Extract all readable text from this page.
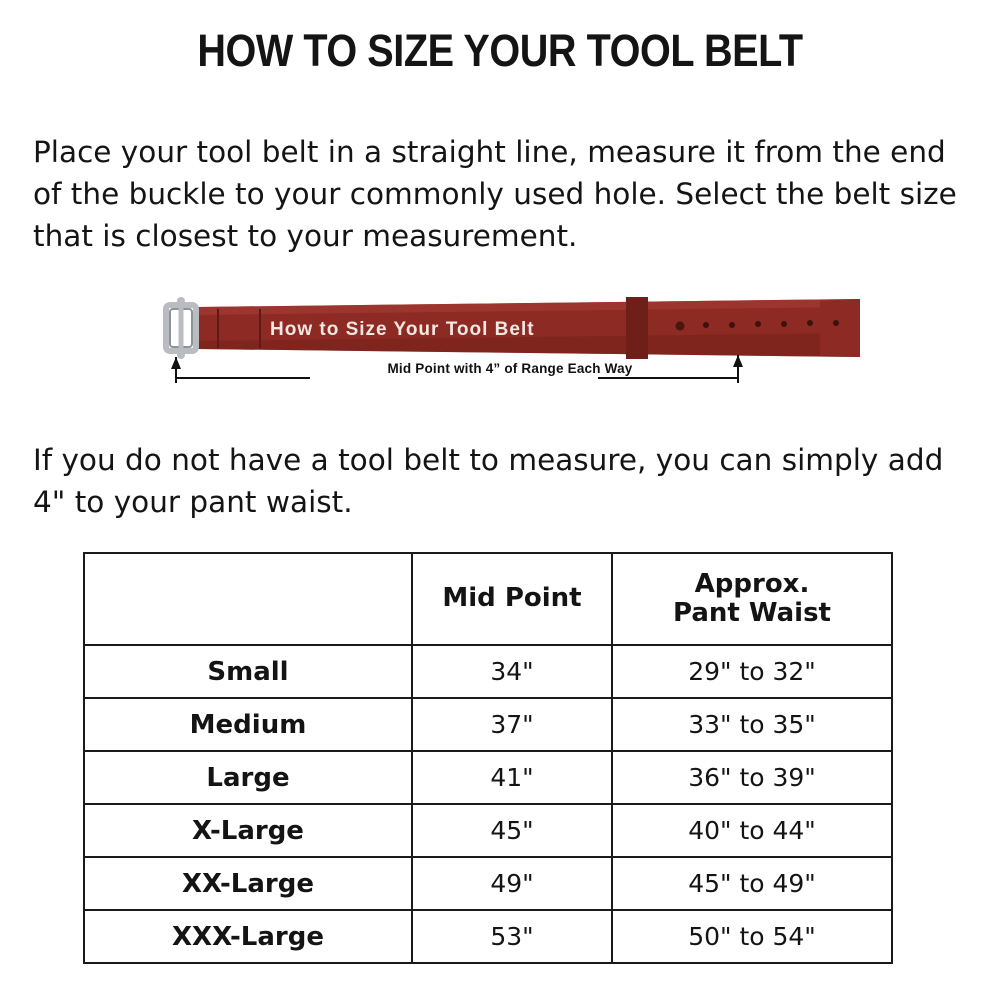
HOW TO SIZE YOUR TOOL BELT
Place your tool belt in a straight line, measure it from the end of the buckle to your commonly used hole. Select the belt size that is closest to your measurement.
How to Size Your Tool Belt
Mid Point with 4” of Range Each Way
If you do not have a tool belt to measure, you can simply add 4" to your pant waist.
	Mid Point	Approx.
Pant Waist

Small	34"	29" to 32"
Medium	37"	33" to 35"
Large	41"	36" to 39"
X-Large	45"	40" to 44"
XX-Large	49"	45" to 49"
XXX-Large	53"	50" to 54"
